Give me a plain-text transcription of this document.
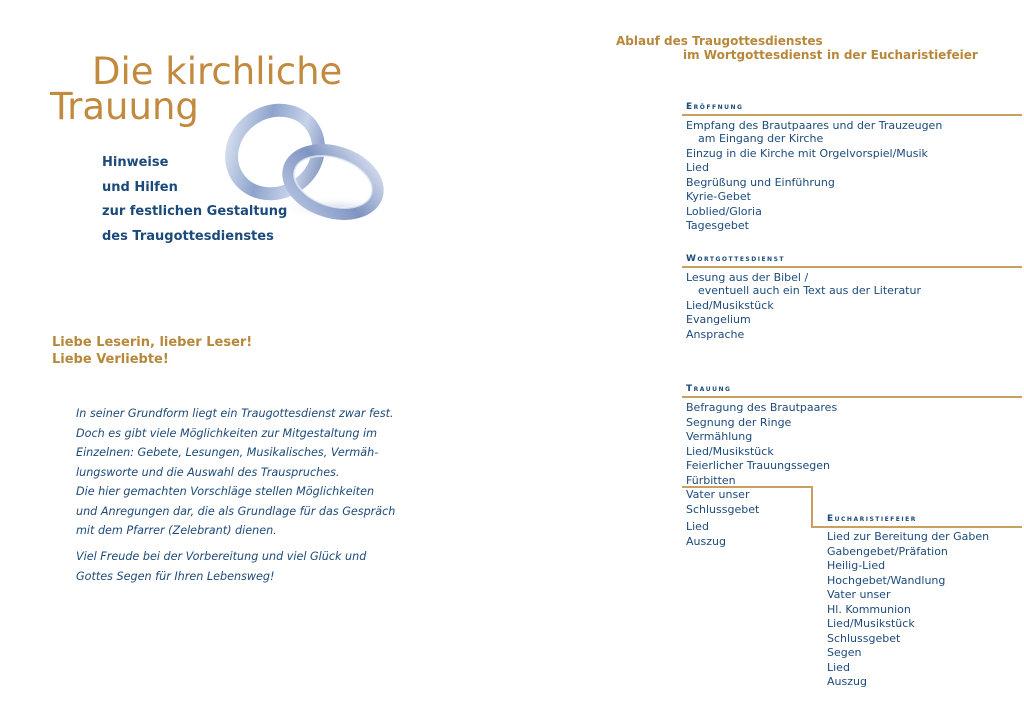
Die kirchliche
Trauung
Hinweise
und Hilfen
zur festlichen Gestaltung
des Traugottesdienstes
Liebe Leserin, lieber Leser!
Liebe Verliebte!
In seiner Grundform liegt ein Traugottesdienst zwar fest.
Doch es gibt viele Möglichkeiten zur Mitgestaltung im
Einzelnen: Gebete, Lesungen, Musikalisches, Vermäh-
lungsworte und die Auswahl des Trauspruches.
Die hier gemachten Vorschläge stellen Möglichkeiten
und Anregungen dar, die als Grundlage für das Gespräch
mit dem Pfarrer (Zelebrant) dienen.
Viel Freude bei der Vorbereitung und viel Glück und
Gottes Segen für Ihren Lebensweg!
Ablauf des Traugottesdienstes
im Wortgottesdienst in der Eucharistiefeier
Eröffnung
Empfang des Brautpaares und der Trauzeugen
am Eingang der Kirche
Einzug in die Kirche mit Orgelvorspiel/Musik
Lied
Begrüßung und Einführung
Kyrie-Gebet
Loblied/Gloria
Tagesgebet
Wortgottesdienst
Lesung aus der Bibel /
eventuell auch ein Text aus der Literatur
Lied/Musikstück
Evangelium
Ansprache
Trauung
Befragung des Brautpaares
Segnung der Ringe
Vermählung
Lied/Musikstück
Feierlicher Trauungssegen
Fürbitten
Vater unser
Schlussgebet
Lied
Auszug
Eucharistiefeier
Lied zur Bereitung der Gaben
Gabengebet/Präfation
Heilig-Lied
Hochgebet/Wandlung
Vater unser
Hl. Kommunion
Lied/Musikstück
Schlussgebet
Segen
Lied
Auszug
